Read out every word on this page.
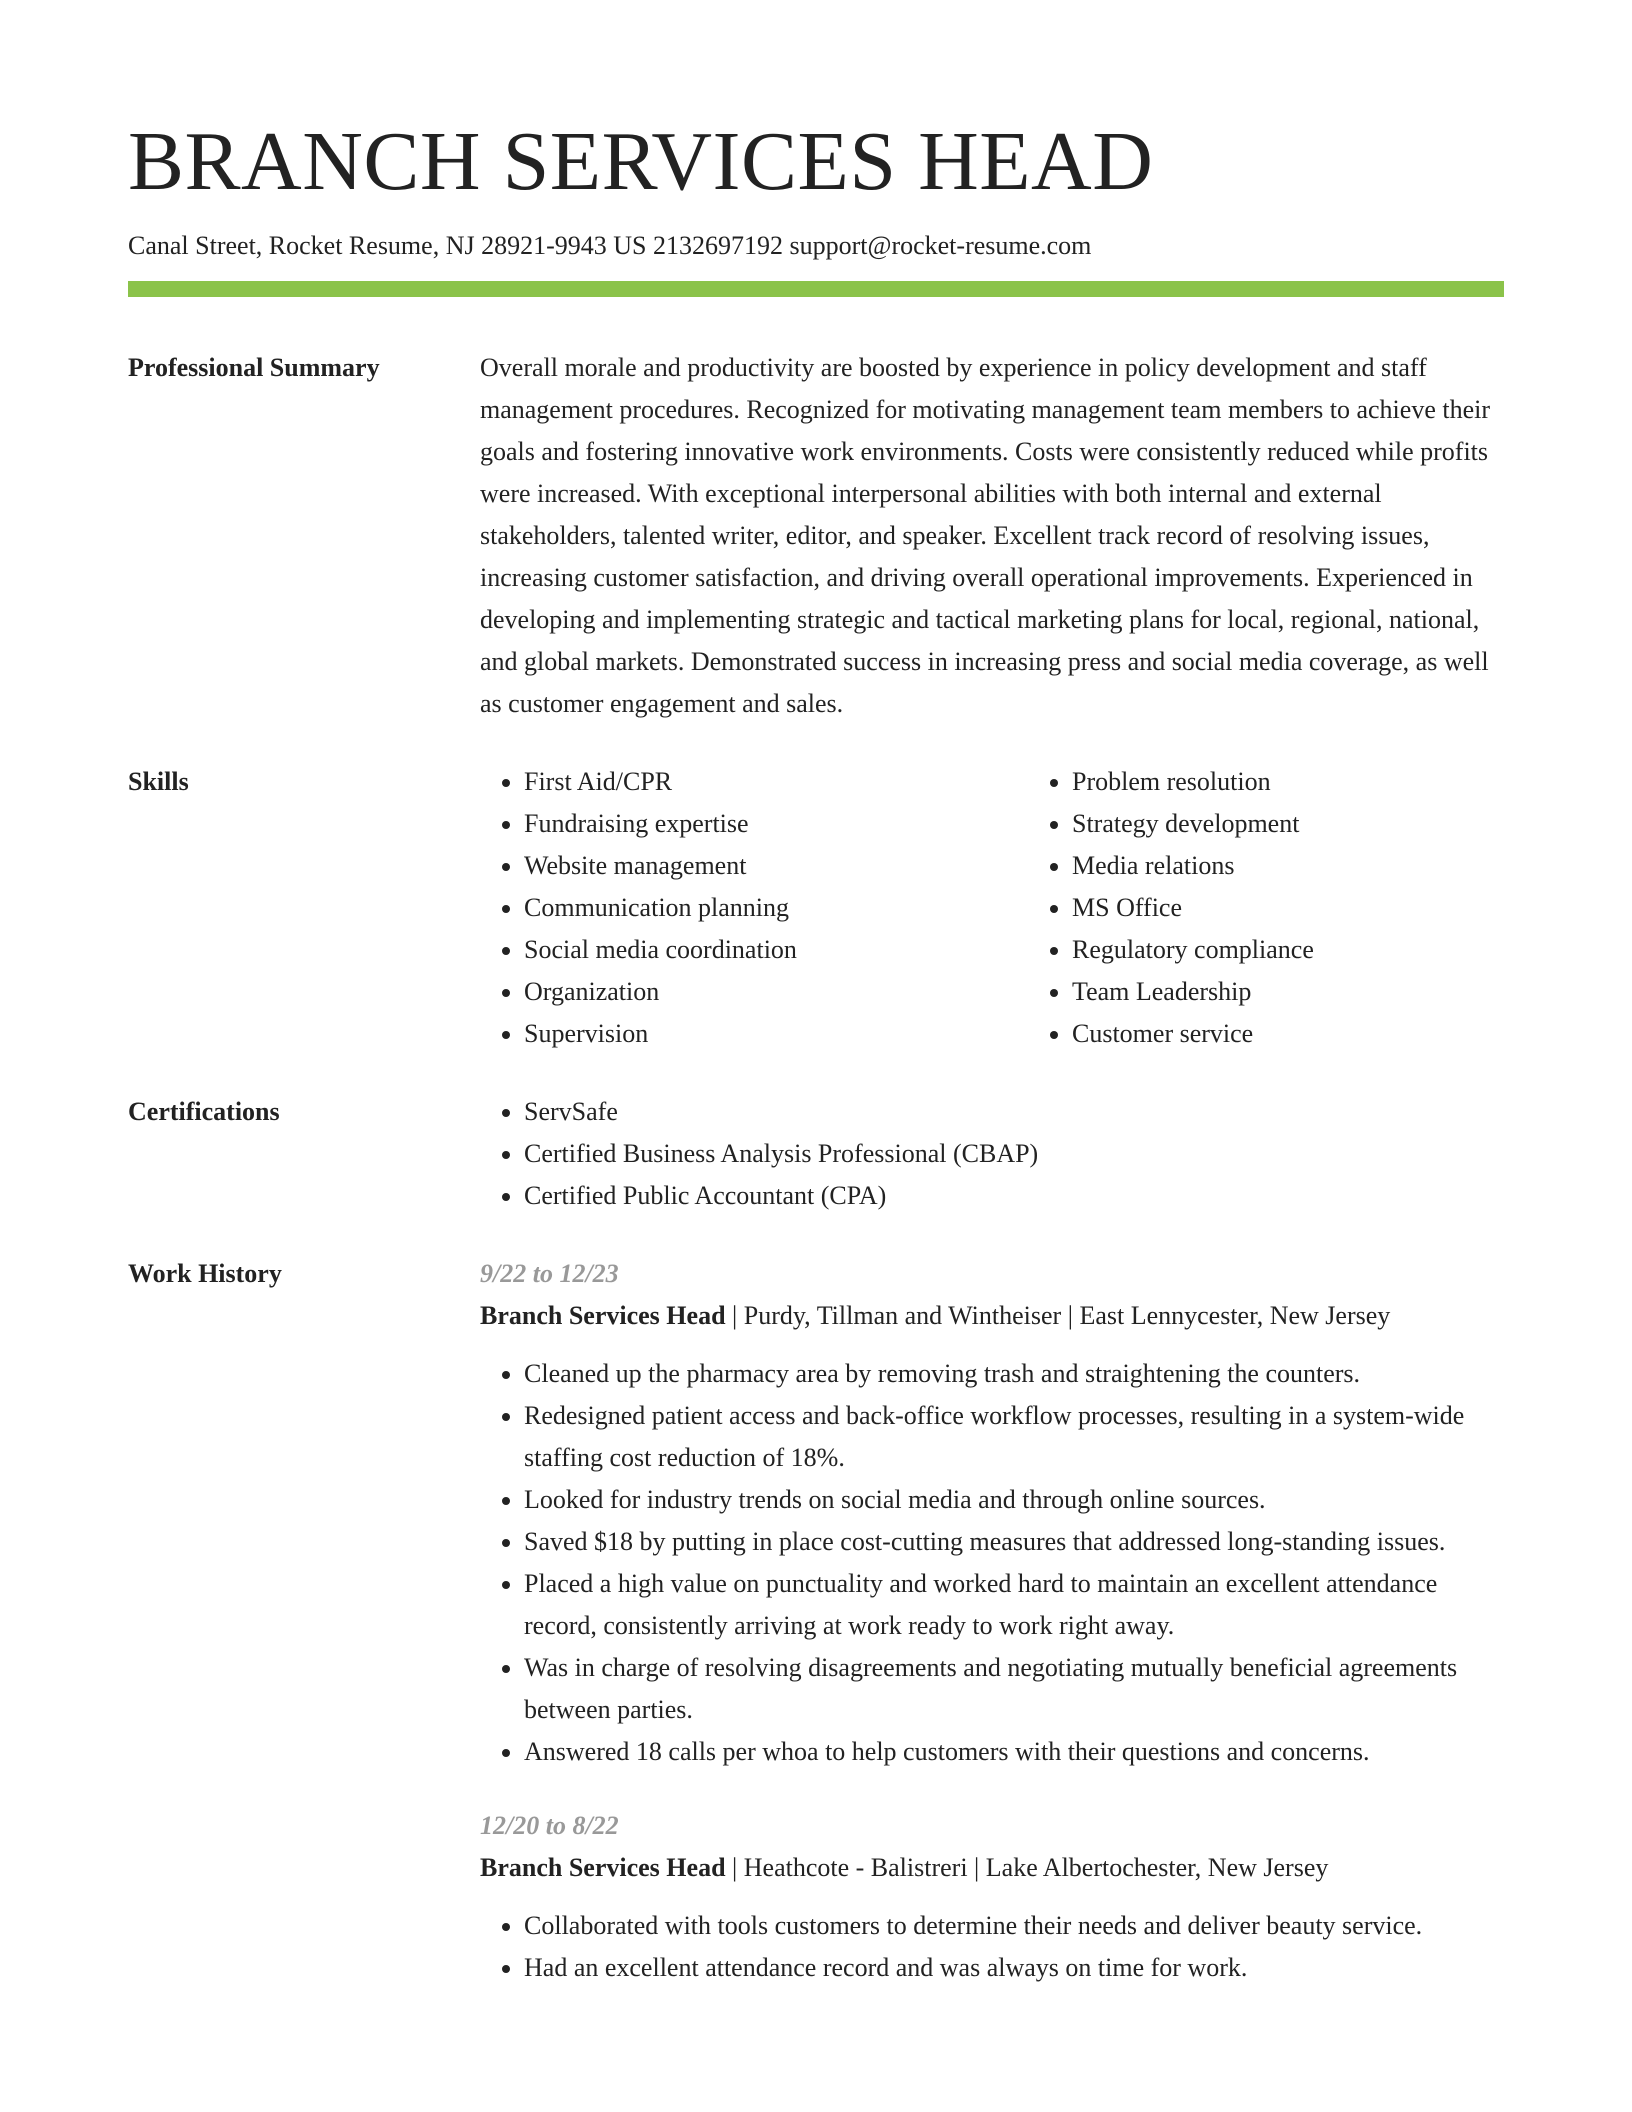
BRANCH SERVICES HEAD
Canal Street, Rocket Resume, NJ 28921-9943 US 2132697192 support@rocket-resume.com
Professional Summary	Overall morale and productivity are boosted by experience in policy development and staff management procedures. Recognized for motivating management team members to achieve their goals and fostering innovative work environments. Costs were consistently reduced while profits were increased. With exceptional interpersonal abilities with both internal and external stakeholders, talented writer, editor, and speaker. Excellent track record of resolving issues, increasing customer satisfaction, and driving overall operational improvements. Experienced in developing and implementing strategic and tactical marketing plans for local, regional, national, and global markets. Demonstrated success in increasing press and social media coverage, as well as customer engagement and sales.

Skills	• First Aid/CPR
• Fundraising expertise
• Website management
• Communication planning
• Social media coordination
• Organization
• Supervision
• Problem resolution
• Strategy development
• Media relations
• MS Office
• Regulatory compliance
• Team Leadership
• Customer service
Certifications	• ServSafe
• Certified Business Analysis Professional (CBAP)
• Certified Public Accountant (CPA)
Work History	9/22 to 12/23
Branch Services Head | Purdy, Tillman and Wintheiser | East Lennycester, New Jersey
• Cleaned up the pharmacy area by removing trash and straightening the counters.
• Redesigned patient access and back-office workflow processes, resulting in a system-wide staffing cost reduction of 18%.
• Looked for industry trends on social media and through online sources.
• Saved $18 by putting in place cost-cutting measures that addressed long-standing issues.
• Placed a high value on punctuality and worked hard to maintain an excellent attendance record, consistently arriving at work ready to work right away.
• Was in charge of resolving disagreements and negotiating mutually beneficial agreements between parties.
• Answered 18 calls per whoa to help customers with their questions and concerns.
12/20 to 8/22
Branch Services Head | Heathcote - Balistreri | Lake Albertochester, New Jersey
• Collaborated with tools customers to determine their needs and deliver beauty service.
• Had an excellent attendance record and was always on time for work.
